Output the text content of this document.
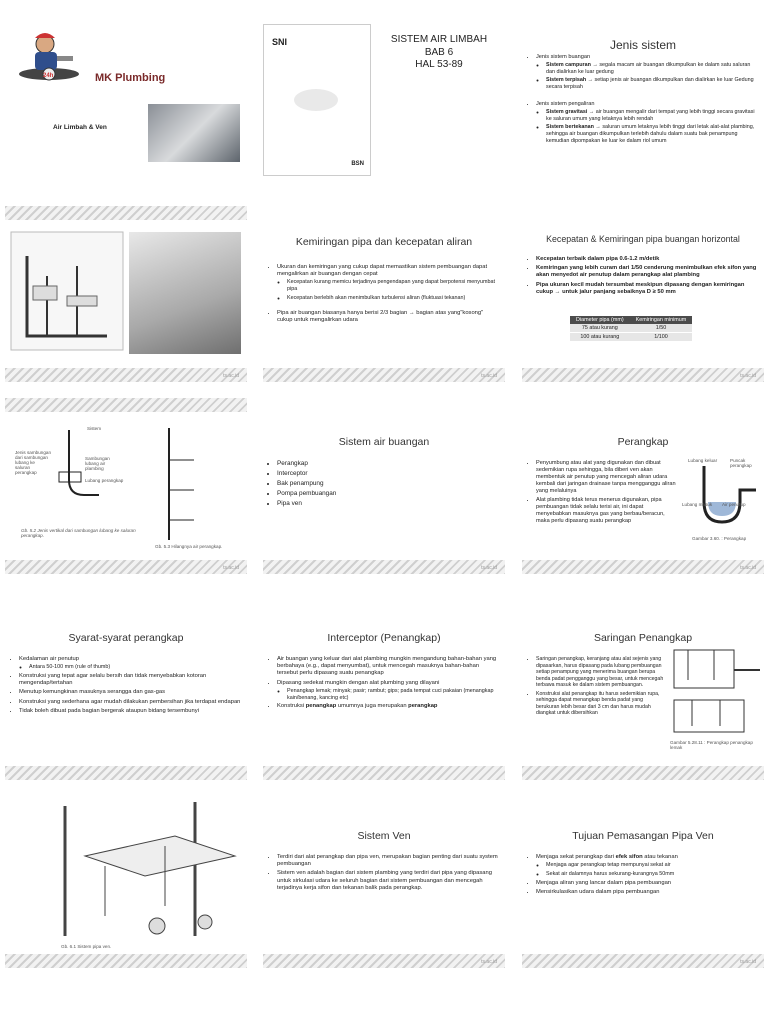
24h	MK Plumbing
Air Limbah & Ven
SNI
BSN
SISTEM AIR LIMBAH
BAB 6
HAL 53-89
Jenis sistem
• Jenis sistem buangan
◦ Sistem campuran → segala macam air buangan dikumpulkan ke dalam satu saluran dan dialirkan ke luar gedung
◦ Sistem terpisah → setiap jenis air buangan dikumpulkan dan dialirkan ke luar Gedung secara terpisah
• Jenis sistem pengaliran
◦ Sistem gravitasi → air buangan mengalir dari tempat yang lebih tinggi secara gravitasi ke saluran umum yang letaknya lebih rendah
◦ Sistem bertekanan → saluran umum letaknya lebih tinggi dari letak alat-alat plambing, sehingga air buangan dikumpulkan terlebih dahulu dalam suatu bak penampung kemudian dipompakan ke luar ke dalam riol umum
ts.ac.id
Kemiringan pipa dan kecepatan aliran
• Ukuran dan kemiringan yang cukup dapat memastikan sistem pembuangan dapat mengalirkan air buangan dengan cepat
◦ Kecepatan kurang memicu terjadinya pengendapan yang dapat berpotensi menyumbat pipa
◦ Kecepatan berlebih akan menimbulkan turbulensi aliran (fluktuasi tekanan)
• Pipa air buangan biasanya hanya berisi 2/3 bagian → bagian atas yang"kosong" cukup untuk mengalirkan udara
ts.ac.id
Kecepatan & Kemiringan pipa buangan horizontal
• Kecepatan terbaik dalam pipa 0.6-1.2 m/detik
• Kemiringan yang lebih curam dari 1/50 cenderung menimbulkan efek sifon yang akan menyedot air penutup dalam perangkap alat plambing
• Pipa ukuran kecil mudah tersumbat meskipun dipasang dengan kemiringan cukup → untuk jalur panjang sebaiknya D ≥ 50 mm
Diameter pipa (mm)	Kemiringan minimum
75 atau kurang	1/50
100 atau kurang	1/100
ts.ac.id
Sistem
Jenis sambungan dari sambungan lubang ke saluran perangkap
Sambungan lubang air plambing
Lubang perangkap
Gb. 5.2 Jenis vertikal dari sambungan lubang ke saluran perangkap.
Gb. 5.3 Hilangnya air perangkap.
ts.ac.id
Sistem air buangan
• Perangkap
• Interceptor
• Bak penampung
• Pompa pembuangan
• Pipa ven
ts.ac.id
Perangkap
• Penyumbung atau alat yang digunakan dan dibuat sedemikian rupa sehingga, bila diberi ven akan membentuk air penutup yang mencegah aliran udara kembali dari jaringan drainase tanpa mengganggu aliran yang melaluinya
• Alat plambing tidak terus menerus digunakan, pipa pembuangan tidak selalu terisi air, ini dapat menyebabkan masuknya gas yang berbau/beracun, maka perlu dipasang suatu perangkap
Lubang keluar	Puncak perangkap
Lubang masuk Air penutup
Gambar 3.60. : Perangkap
ts.ac.id
Syarat-syarat perangkap
• Kedalaman air penutup
◦ Antara 50-100 mm (rule of thumb)
• Konstruksi yang tepat agar selalu bersih dan tidak menyebabkan kotoran mengendap/tertahan
• Menutup kemungkinan masuknya serangga dan gas-gas
• Konstruksi yang sederhana agar mudah dilakukan pembersihan jika terdapat endapan
• Tidak boleh dibuat pada bagian bergerak ataupun bidang tersembunyi
Interceptor (Penangkap)
• Air buangan yang keluar dari alat plambing mungkin mengandung bahan-bahan yang berbahaya (e.g., dapat menyumbat), untuk mencegah masuknya bahan-bahan tersebut perlu dipasang suatu penangkap
• Dipasang sedekat mungkin dengan alat plumbing yang dilayani
◦ Penangkap lemak; minyak; pasir; rambut; gips; pada tempat cuci pakaian (menangkap kain/benang, kancing etc)
• Konstruksi penangkap umumnya juga merupakan perangkap
Saringan Penangkap
• Saringan penangkap, keranjang atau alat sejenis yang dipasarkan, harus dipasang pada lubang pembuangan setiap penampung yang menerima buangan berupa benda padat pengganggu yang besar, untuk mencegah terbawa masuk ke dalam sistem pembuangan.
• Konstruksi alat penangkap itu harus sedemikian rupa, sehingga dapat menangkap benda padat yang berukuran lebih besar dari 3 cm dan harus mudah diangkat untuk dibersihkan
Gambar 5.28.11 : Perangkap penangkap lemak
Gb. 6.1 Sistem pipa ven.
Sistem Ven
• Terdiri dari alat perangkap dan pipa ven, merupakan bagian penting dari suatu system pembuangan
• Sistem ven adalah bagian dari sistem plambing yang terdiri dari pipa yang dipasang untuk sirkulasi udara ke seluruh bagian dari sistem pembuangan dan mencegah terjadinya kerja sifon dan tekanan balik pada perangkap.
ts.ac.id
Tujuan Pemasangan Pipa Ven
• Menjaga sekat perangkap dari efek sifon atau tekanan
◦ Menjaga agar perangkap tetap mempunyai sekat air
◦ Sekat air dalamnya harus sekurang-kurangnya 50mm
• Menjaga aliran yang lancar dalam pipa pembuangan
• Mensirkulasikan udara dalam pipa pembuangan
ts.ac.id
